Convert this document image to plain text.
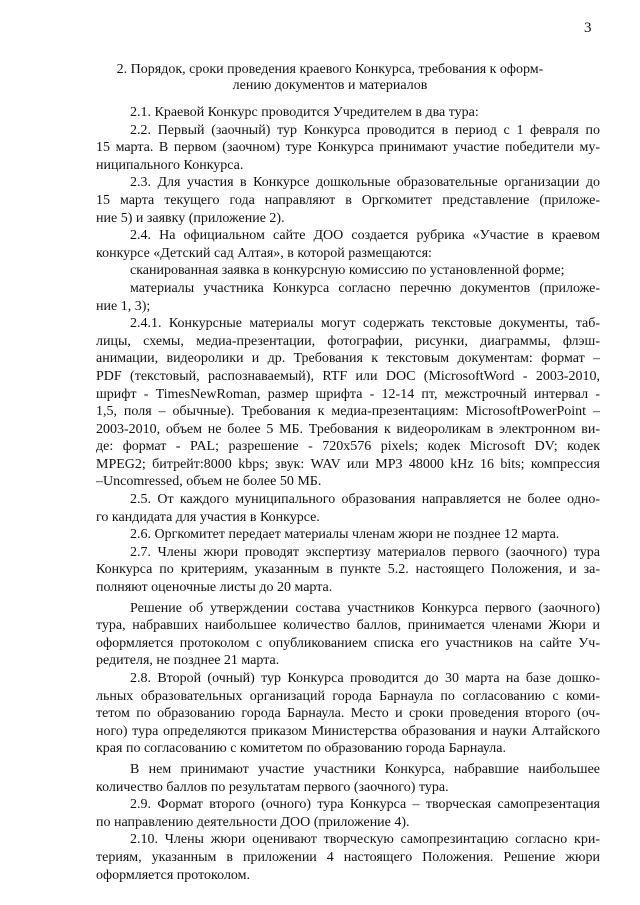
3
2. Порядок, сроки проведения краевого Конкурса, требования к оформ-
лению документов и материалов
2.1. Краевой Конкурс проводится Учредителем в два тура:
2.2. Первый (заочный) тур Конкурса проводится в период с 1 февраля по
15 марта. В первом (заочном) туре Конкурса принимают участие победители му-
ниципального Конкурса.
2.3. Для участия в Конкурсе дошкольные образовательные организации до
15 марта текущего года направляют в Оргкомитет представление (приложе-
ние 5) и заявку (приложение 2).
2.4. На официальном сайте ДОО создается рубрика «Участие в краевом
конкурсе «Детский сад Алтая», в которой размещаются:
сканированная заявка в конкурсную комиссию по установленной форме;
материалы участника Конкурса согласно перечню документов (приложе-
ние 1, 3);
2.4.1. Конкурсные материалы могут содержать текстовые документы, таб-
лицы, схемы, медиа-презентации, фотографии, рисунки, диаграммы, флэш-
анимации, видеоролики и др. Требования к текстовым документам: формат –
PDF (текстовый, распознаваемый), RTF или DOC (MicrosoftWord - 2003-2010,
шрифт - TimesNewRoman, размер шрифта - 12-14 пт, межстрочный интервал -
1,5, поля – обычные). Требования к медиа-презентациям: MicrosoftPowerPoint –
2003-2010, объем не более 5 МБ. Требования к видеороликам в электронном ви-
де: формат - PAL; разрешение - 720x576 pixels; кодек Microsoft DV; кодек
MPEG2; битрейт:8000 kbps; звук: WAV или MP3 48000 kHz 16 bits; компрессия
–Uncomressed, объем не более 50 МБ.
2.5. От каждого муниципального образования направляется не более одно-
го кандидата для участия в Конкурсе.
2.6. Оргкомитет передает материалы членам жюри не позднее 12 марта.
2.7. Члены жюри проводят экспертизу материалов первого (заочного) тура
Конкурса по критериям, указанным в пункте 5.2. настоящего Положения, и за-
полняют оценочные листы до 20 марта.
Решение об утверждении состава участников Конкурса первого (заочного)
тура, набравших наибольшее количество баллов, принимается членами Жюри и
оформляется протоколом с опубликованием списка его участников на сайте Уч-
редителя, не позднее 21 марта.
2.8. Второй (очный) тур Конкурса проводится до 30 марта на базе дошко-
льных образовательных организаций города Барнаула по согласованию с коми-
тетом по образованию города Барнаула. Место и сроки проведения второго (оч-
ного) тура определяются приказом Министерства образования и науки Алтайского
края по согласованию с комитетом по образованию города Барнаула.
В нем принимают участие участники Конкурса, набравшие наибольшее
количество баллов по результатам первого (заочного) тура.
2.9. Формат второго (очного) тура Конкурса – творческая самопрезентация
по направлению деятельности ДОО (приложение 4).
2.10. Члены жюри оценивают творческую самопрезинтацию согласно кри-
териям, указанным в приложении 4 настоящего Положения. Решение жюри
оформляется протоколом.
